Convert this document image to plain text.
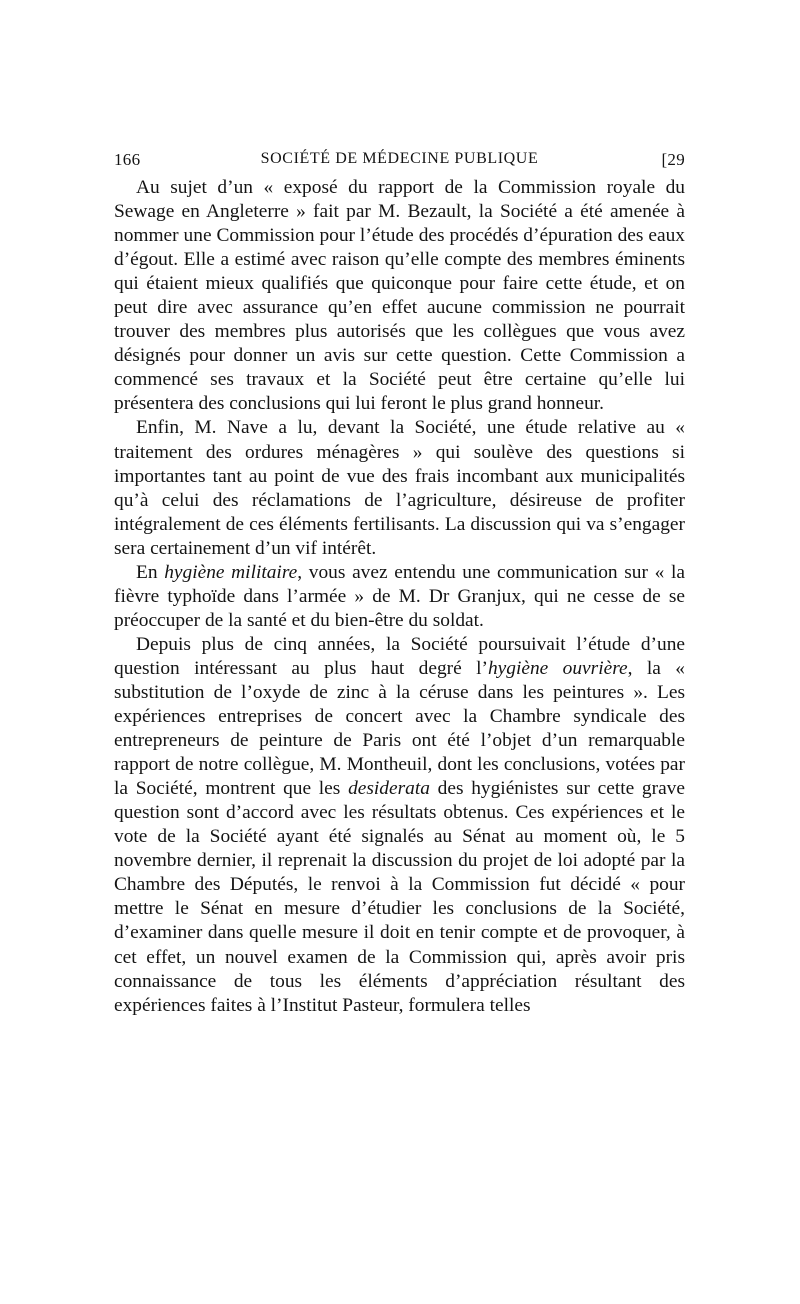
166	SOCIÉTÉ DE MÉDECINE PUBLIQUE	[29

Au sujet d’un « exposé du rapport de la Commission royale du Sewage en Angleterre » fait par M. Bezault, la Société a été amenée à nommer une Commission pour l’étude des procédés d’épuration des eaux d’égout. Elle a estimé avec raison qu’elle compte des membres éminents qui étaient mieux qualifiés que quiconque pour faire cette étude, et on peut dire avec assurance qu’en effet aucune commission ne pourrait trouver des membres plus autorisés que les collègues que vous avez désignés pour donner un avis sur cette question. Cette Commission a commencé ses travaux et la Société peut être certaine qu’elle lui présentera des conclusions qui lui feront le plus grand honneur.

Enfin, M. Nave a lu, devant la Société, une étude relative au « traitement des ordures ménagères » qui soulève des questions si importantes tant au point de vue des frais incombant aux municipalités qu’à celui des réclamations de l’agriculture, désireuse de profiter intégralement de ces éléments fertilisants. La discussion qui va s’engager sera certainement d’un vif intérêt.

En hygiène militaire, vous avez entendu une communication sur « la fièvre typhoïde dans l’armée » de M. Dr Granjux, qui ne cesse de se préoccuper de la santé et du bien-être du soldat.

Depuis plus de cinq années, la Société poursuivait l’étude d’une question intéressant au plus haut degré l’hygiène ouvrière, la « substitution de l’oxyde de zinc à la céruse dans les peintures ». Les expériences entreprises de concert avec la Chambre syndicale des entrepreneurs de peinture de Paris ont été l’objet d’un remarquable rapport de notre collègue, M. Montheuil, dont les conclusions, votées par la Société, montrent que les desiderata des hygiénistes sur cette grave question sont d’accord avec les résultats obtenus. Ces expériences et le vote de la Société ayant été signalés au Sénat au moment où, le 5 novembre dernier, il reprenait la discussion du projet de loi adopté par la Chambre des Députés, le renvoi à la Commission fut décidé « pour mettre le Sénat en mesure d’étudier les conclusions de la Société, d’examiner dans quelle mesure il doit en tenir compte et de provoquer, à cet effet, un nouvel examen de la Commission qui, après avoir pris connaissance de tous les éléments d’appréciation résultant des expériences faites à l’Institut Pasteur, formulera telles
